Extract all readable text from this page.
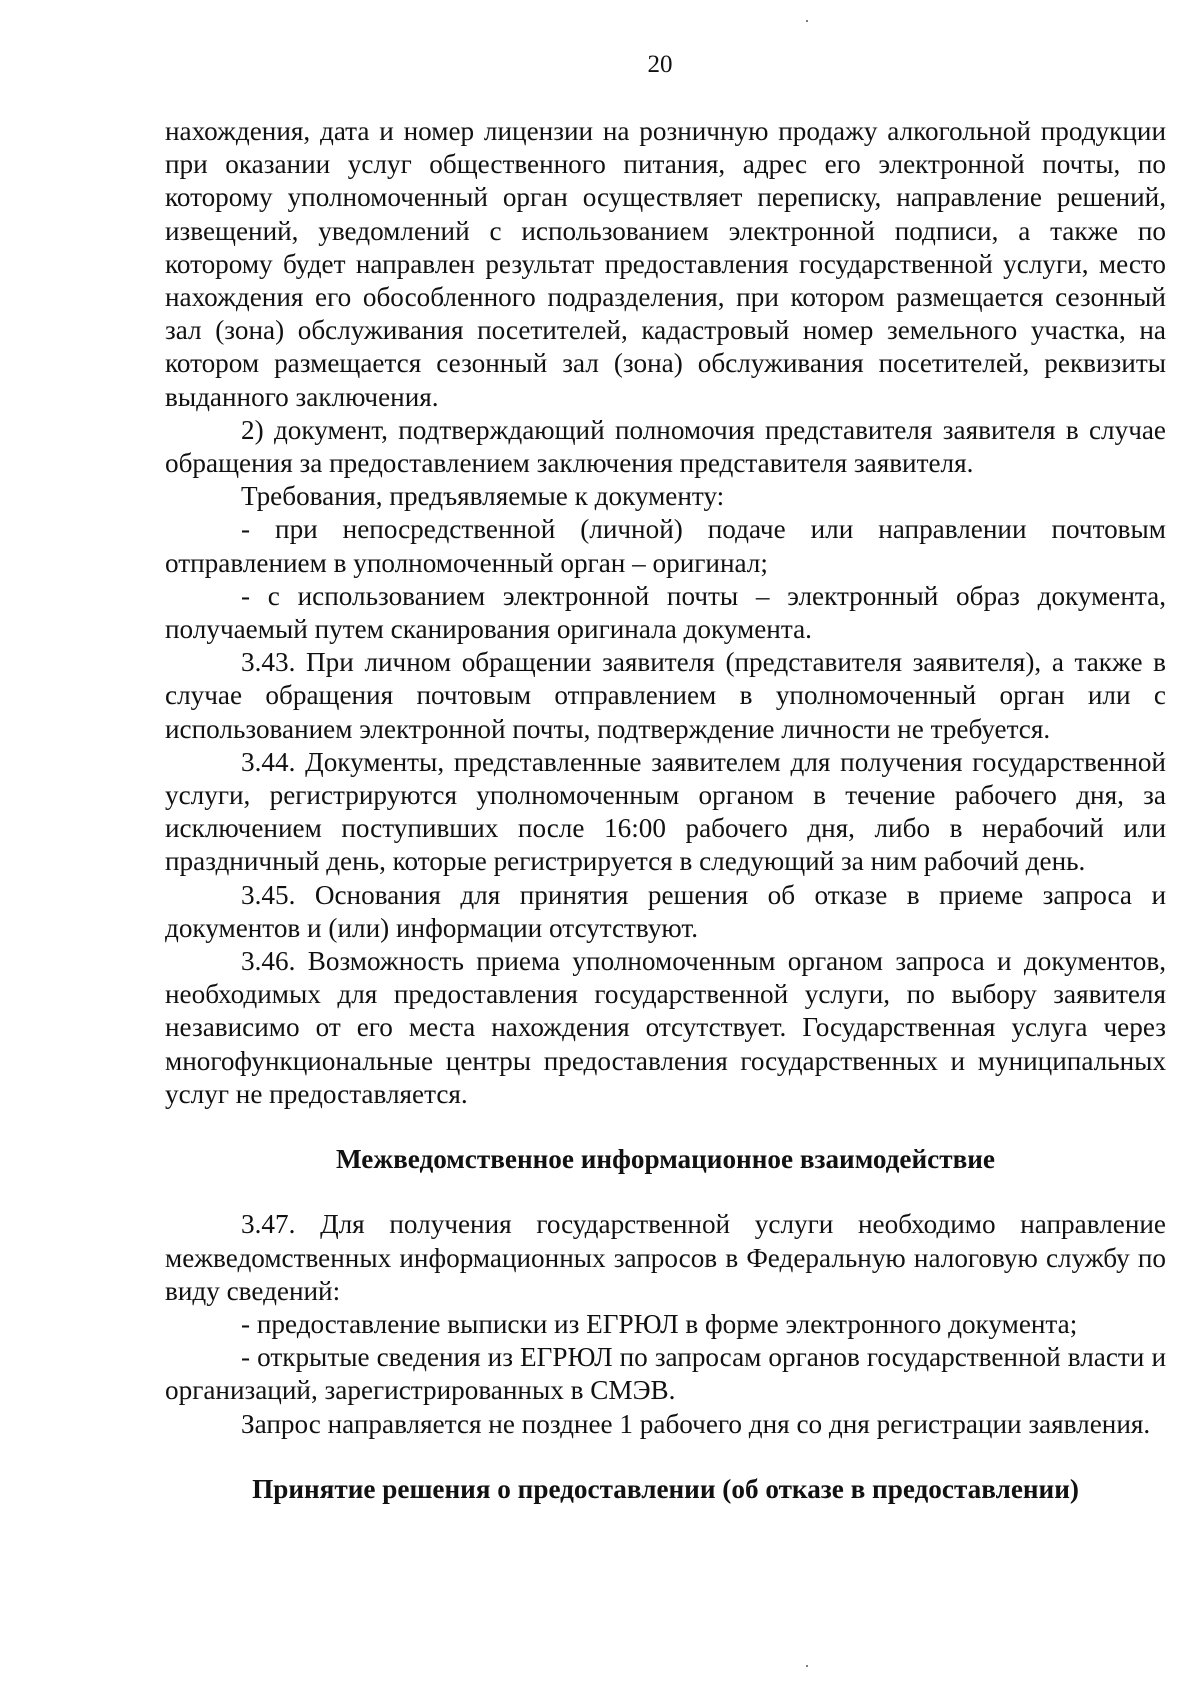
20

нахождения, дата и номер лицензии на розничную продажу алкогольной продукции при оказании услуг общественного питания, адрес его электронной почты, по которому уполномоченный орган осуществляет переписку, направление решений, извещений, уведомлений с использованием электронной подписи, а также по которому будет направлен результат предоставления государственной услуги, место нахождения его обособленного подразделения, при котором размещается сезонный зал (зона) обслуживания посетителей, кадастровый номер земельного участка, на котором размещается сезонный зал (зона) обслуживания посетителей, реквизиты выданного заключения.

2) документ, подтверждающий полномочия представителя заявителя в случае обращения за предоставлением заключения представителя заявителя.

Требования, предъявляемые к документу:

- при непосредственной (личной) подаче или направлении почтовым отправлением в уполномоченный орган – оригинал;

- с использованием электронной почты – электронный образ документа, получаемый путем сканирования оригинала документа.

3.43. При личном обращении заявителя (представителя заявителя), а также в случае обращения почтовым отправлением в уполномоченный орган или с использованием электронной почты, подтверждение личности не требуется.

3.44. Документы, представленные заявителем для получения государственной услуги, регистрируются уполномоченным органом в течение рабочего дня, за исключением поступивших после 16:00 рабочего дня, либо в нерабочий или праздничный день, которые регистрируется в следующий за ним рабочий день.

3.45. Основания для принятия решения об отказе в приеме запроса и документов и (или) информации отсутствуют.

3.46. Возможность приема уполномоченным органом запроса и документов, необходимых для предоставления государственной услуги, по выбору заявителя независимо от его места нахождения отсутствует. Государственная услуга через многофункциональные центры предоставления государственных и муниципальных услуг не предоставляется.

Межведомственное информационное взаимодействие

3.47. Для получения государственной услуги необходимо направление межведомственных информационных запросов в Федеральную налоговую службу по виду сведений:

- предоставление выписки из ЕГРЮЛ в форме электронного документа;

- открытые сведения из ЕГРЮЛ по запросам органов государственной власти и организаций, зарегистрированных в СМЭВ.

Запрос направляется не позднее 1 рабочего дня со дня регистрации заявления.

Принятие решения о предоставлении (об отказе в предоставлении)
